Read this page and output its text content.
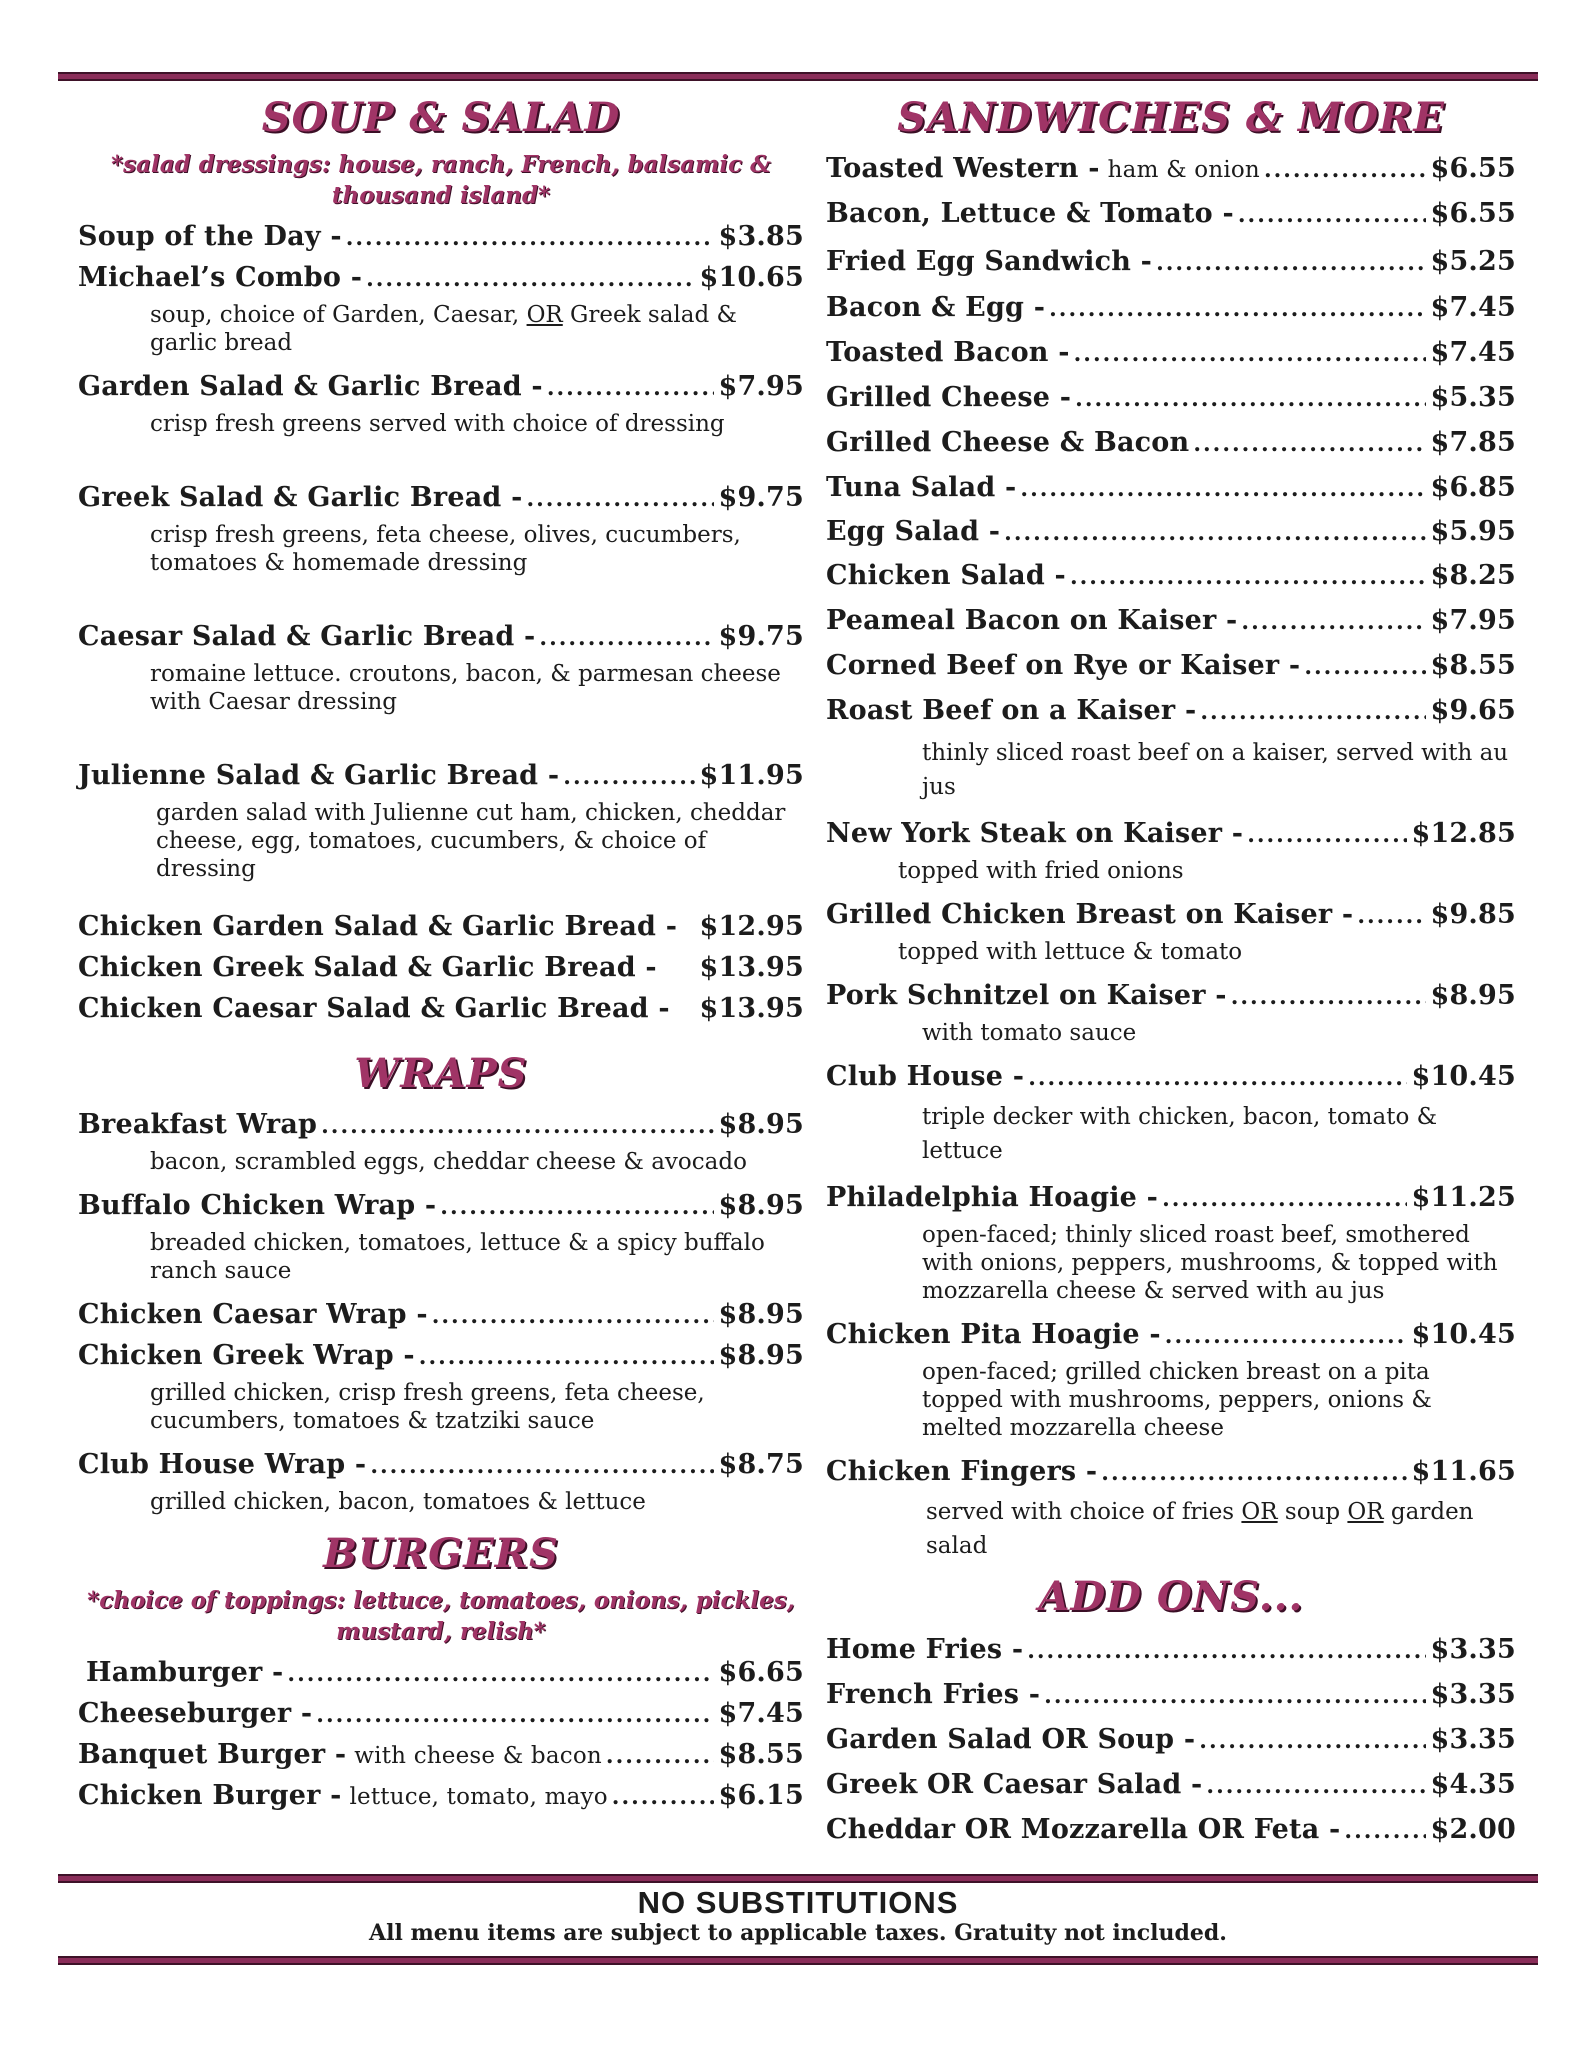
SOUP & SALAD
*salad dressings: house, ranch, French, balsamic & thousand island*
Soup of the Day - .....	$3.85
Michael’s Combo - .....	$10.65
soup, choice of Garden, Caesar, OR Greek salad & garlic bread
Garden Salad & Garlic Bread - .....	$7.95
crisp fresh greens served with choice of dressing
Greek Salad & Garlic Bread - .....	$9.75
crisp fresh greens, feta cheese, olives, cucumbers, tomatoes & homemade dressing
Caesar Salad & Garlic Bread - .....	$9.75
romaine lettuce. croutons, bacon, & parmesan cheese with Caesar dressing
Julienne Salad & Garlic Bread - .....	$11.95
garden salad with Julienne cut ham, chicken, cheddar cheese, egg, tomatoes, cucumbers, & choice of dressing
Chicken Garden Salad & Garlic Bread - $12.95
Chicken Greek Salad & Garlic Bread - $13.95
Chicken Caesar Salad & Garlic Bread - $13.95
WRAPS
Breakfast Wrap .....	$8.95
bacon, scrambled eggs, cheddar cheese & avocado
Buffalo Chicken Wrap - .....	$8.95
breaded chicken, tomatoes, lettuce & a spicy buffalo ranch sauce
Chicken Caesar Wrap - .....	$8.95
Chicken Greek Wrap - .....	$8.95
grilled chicken, crisp fresh greens, feta cheese, cucumbers, tomatoes & tzatziki sauce
Club House Wrap - .....	$8.75
grilled chicken, bacon, tomatoes & lettuce
BURGERS
*choice of toppings: lettuce, tomatoes, onions, pickles, mustard, relish*
Hamburger - .....	$6.65
Cheeseburger - .....	$7.45
Banquet Burger - with cheese & bacon .....	$8.55
Chicken Burger - lettuce, tomato, mayo .....	$6.15
SANDWICHES & MORE
Toasted Western - ham & onion .....	$6.55
Bacon, Lettuce & Tomato - .....	$6.55
Fried Egg Sandwich - .....	$5.25
Bacon & Egg - .....	$7.45
Toasted Bacon - .....	$7.45
Grilled Cheese - .....	$5.35
Grilled Cheese & Bacon .....	$7.85
Tuna Salad - .....	$6.85
Egg Salad - .....	$5.95
Chicken Salad - .....	$8.25
Peameal Bacon on Kaiser - .....	$7.95
Corned Beef on Rye or Kaiser - .....	$8.55
Roast Beef on a Kaiser - .....	$9.65
thinly sliced roast beef on a kaiser, served with au jus
New York Steak on Kaiser - .....	$12.85
topped with fried onions
Grilled Chicken Breast on Kaiser - .....	$9.85
topped with lettuce & tomato
Pork Schnitzel on Kaiser - .....	$8.95
with tomato sauce
Club House - .....	$10.45
triple decker with chicken, bacon, tomato & lettuce
Philadelphia Hoagie - .....	$11.25
open-faced; thinly sliced roast beef, smothered with onions, peppers, mushrooms, & topped with mozzarella cheese & served with au jus
Chicken Pita Hoagie - .....	$10.45
open-faced; grilled chicken breast on a pita topped with mushrooms, peppers, onions & melted mozzarella cheese
Chicken Fingers - .....	$11.65
served with choice of fries OR soup OR garden salad
ADD ONS...
Home Fries - .....	$3.35
French Fries - .....	$3.35
Garden Salad OR Soup - .....	$3.35
Greek OR Caesar Salad - .....	$4.35
Cheddar OR Mozzarella OR Feta - .....	$2.00
NO SUBSTITUTIONS
All menu items are subject to applicable taxes. Gratuity not included.
